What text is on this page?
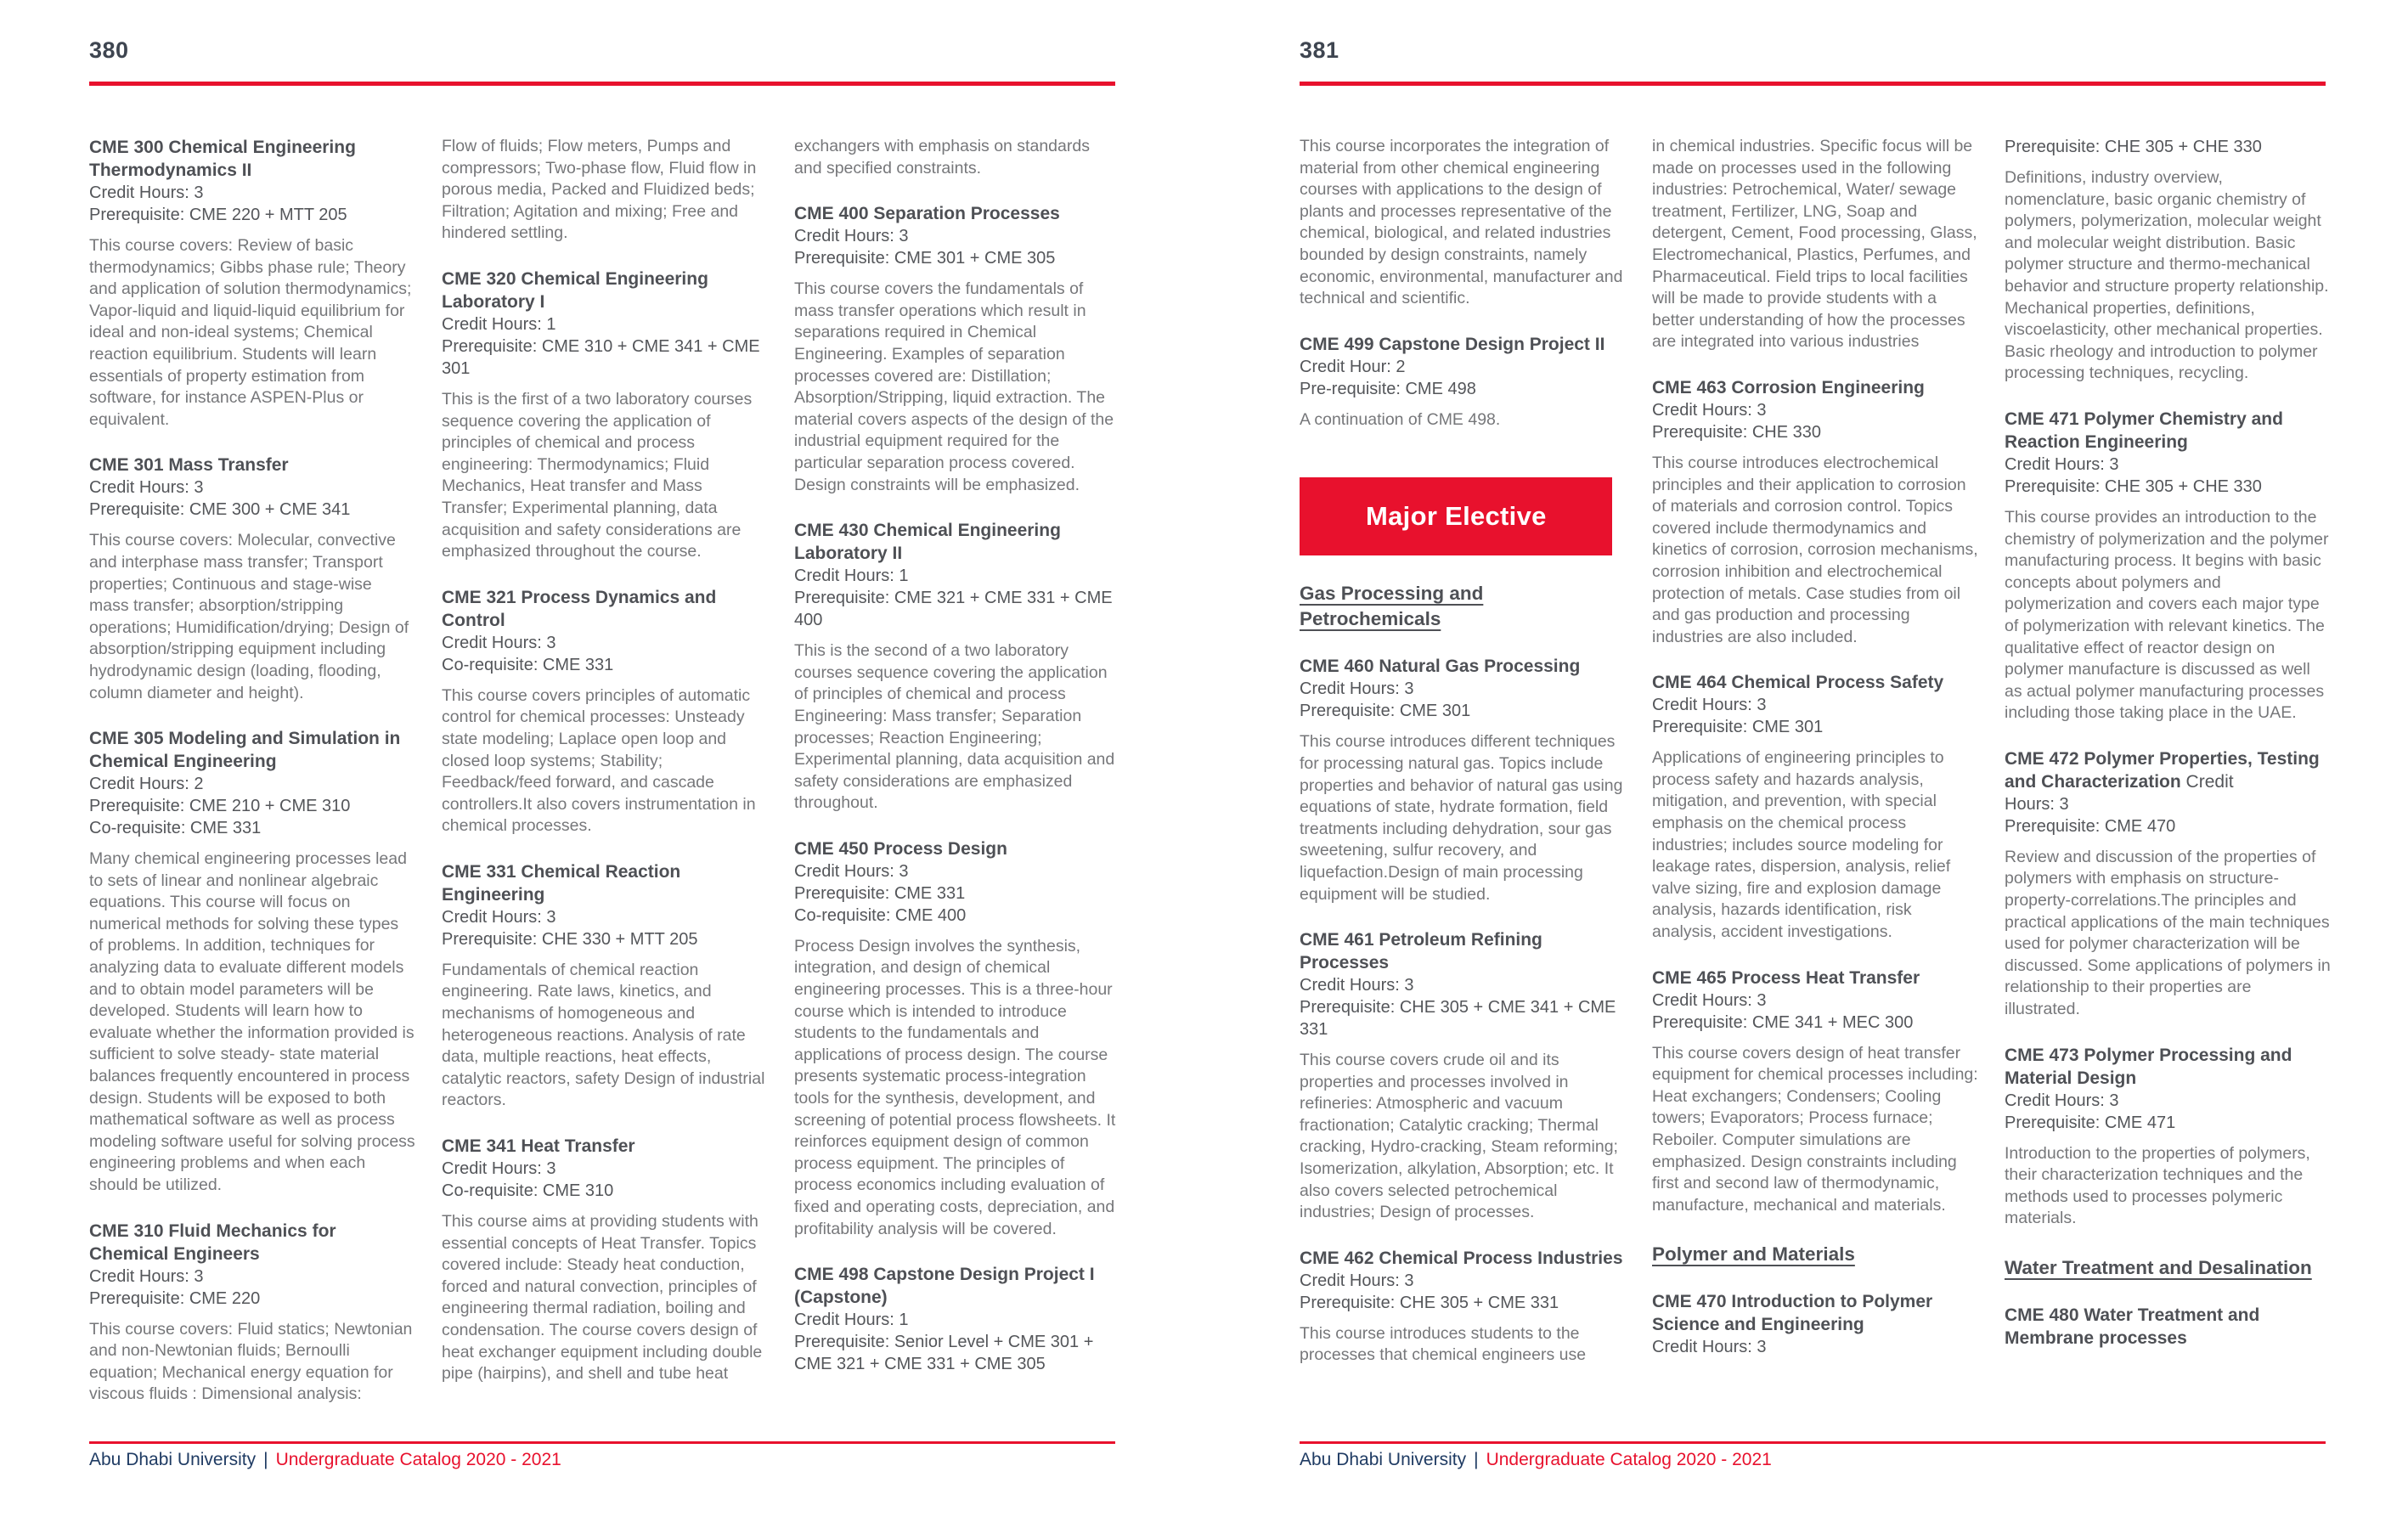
380
CME 300 Chemical Engineering Thermodynamics II

Credit Hours: 3

Prerequisite: CME 220 + MTT 205

This course covers: Review of basic thermodynamics; Gibbs phase rule; Theory and application of solution thermodynamics; Vapor-liquid and liquid-liquid equilibrium for ideal and non-ideal systems; Chemical reaction equilibrium. Students will learn essentials of property estimation from software, for instance ASPEN-Plus or equivalent.

CME 301 Mass Transfer

Credit Hours: 3

Prerequisite: CME 300 + CME 341

This course covers: Molecular, convective and interphase mass transfer; Transport properties; Continuous and stage-wise mass transfer; absorption/stripping operations; Humidification/drying; Design of absorption/stripping equipment including hydrodynamic design (loading, flooding, column diameter and height).

CME 305 Modeling and Simulation in Chemical Engineering

Credit Hours: 2

Prerequisite: CME 210 + CME 310

Co-requisite: CME 331

Many chemical engineering processes lead to sets of linear and nonlinear algebraic equations. This course will focus on numerical methods for solving these types of problems. In addition, techniques for analyzing data to evaluate different models and to obtain model parameters will be developed. Students will learn how to evaluate whether the information provided is sufficient to solve steady- state material balances frequently encountered in process design. Students will be exposed to both mathematical software as well as process modeling software useful for solving process engineering problems and when each should be utilized.

CME 310 Fluid Mechanics for Chemical Engineers

Credit Hours: 3

Prerequisite: CME 220

This course covers: Fluid statics; Newtonian and non-Newtonian fluids; Bernoulli equation; Mechanical energy equation for viscous fluids : Dimensional analysis:

Flow of fluids; Flow meters, Pumps and compressors; Two-phase flow, Fluid flow in porous media, Packed and Fluidized beds; Filtration; Agitation and mixing; Free and hindered settling.

CME 320 Chemical Engineering Laboratory I

Credit Hours: 1

Prerequisite: CME 310 + CME 341 + CME 301

This is the first of a two laboratory courses sequence covering the application of principles of chemical and process engineering: Thermodynamics; Fluid Mechanics, Heat transfer and Mass Transfer; Experimental planning, data acquisition and safety considerations are emphasized throughout the course.

CME 321 Process Dynamics and Control

Credit Hours: 3

Co-requisite: CME 331

This course covers principles of automatic control for chemical processes: Unsteady state modeling; Laplace open loop and closed loop systems; Stability; Feedback/feed forward, and cascade controllers.It also covers instrumentation in chemical processes.

CME 331 Chemical Reaction Engineering

Credit Hours: 3

Prerequisite: CHE 330 + MTT 205

Fundamentals of chemical reaction engineering. Rate laws, kinetics, and mechanisms of homogeneous and heterogeneous reactions. Analysis of rate data, multiple reactions, heat effects, catalytic reactors, safety Design of industrial reactors.

CME 341 Heat Transfer

Credit Hours: 3

Co-requisite: CME 310

This course aims at providing students with essential concepts of Heat Transfer. Topics covered include: Steady heat conduction, forced and natural convection, principles of engineering thermal radiation, boiling and condensation. The course covers design of heat exchanger equipment including double pipe (hairpins), and shell and tube heat

exchangers with emphasis on standards and specified constraints.

CME 400 Separation Processes

Credit Hours: 3

Prerequisite: CME 301 + CME 305

This course covers the fundamentals of mass transfer operations which result in separations required in Chemical Engineering. Examples of separation processes covered are: Distillation; Absorption/Stripping, liquid extraction. The material covers aspects of the design of the industrial equipment required for the particular separation process covered. Design constraints will be emphasized.

CME 430 Chemical Engineering Laboratory II

Credit Hours: 1

Prerequisite: CME 321 + CME 331 + CME 400

This is the second of a two laboratory courses sequence covering the application of principles of chemical and process Engineering: Mass transfer; Separation processes; Reaction Engineering; Experimental planning, data acquisition and safety considerations are emphasized throughout.

CME 450 Process Design

Credit Hours: 3

Prerequisite: CME 331

Co-requisite: CME 400

Process Design involves the synthesis, integration, and design of chemical engineering processes. This is a three-hour course which is intended to introduce students to the fundamentals and applications of process design. The course presents systematic process-integration tools for the synthesis, development, and screening of potential process flowsheets. It reinforces equipment design of common process equipment. The principles of process economics including evaluation of fixed and operating costs, depreciation, and profitability analysis will be covered.

CME 498 Capstone Design Project I (Capstone)

Credit Hours: 1

Prerequisite: Senior Level + CME 301 + CME 321 + CME 331 + CME 305

Abu Dhabi University | Undergraduate Catalog 2020 - 2021
381

This course incorporates the integration of material from other chemical engineering courses with applications to the design of plants and processes representative of the chemical, biological, and related industries bounded by design constraints, namely economic, environmental, manufacturer and technical and scientific.

CME 499 Capstone Design Project II

Credit Hour: 2

Pre-requisite: CME 498

A continuation of CME 498.

Major Elective
Gas Processing and Petrochemicals
CME 460 Natural Gas Processing

Credit Hours: 3

Prerequisite: CME 301

This course introduces different techniques for processing natural gas. Topics include properties and behavior of natural gas using equations of state, hydrate formation, field treatments including dehydration, sour gas sweetening, sulfur recovery, and liquefaction.Design of main processing equipment will be studied.

CME 461 Petroleum Refining Processes

Credit Hours: 3

Prerequisite: CHE 305 + CME 341 + CME 331

This course covers crude oil and its properties and processes involved in refineries: Atmospheric and vacuum fractionation; Catalytic cracking; Thermal cracking, Hydro-cracking, Steam reforming; Isomerization, alkylation, Absorption; etc. It also covers selected petrochemical industries; Design of processes.

CME 462 Chemical Process Industries

Credit Hours: 3

Prerequisite: CHE 305 + CME 331

This course introduces students to the processes that chemical engineers use

in chemical industries. Specific focus will be made on processes used in the following industries: Petrochemical, Water/ sewage treatment, Fertilizer, LNG, Soap and detergent, Cement, Food processing, Glass, Electromechanical, Plastics, Perfumes, and Pharmaceutical. Field trips to local facilities will be made to provide students with a better understanding of how the processes are integrated into various industries

CME 463 Corrosion Engineering

Credit Hours: 3

Prerequisite: CHE 330

This course introduces electrochemical principles and their application to corrosion of materials and corrosion control. Topics covered include thermodynamics and kinetics of corrosion, corrosion mechanisms, corrosion inhibition and electrochemical protection of metals. Case studies from oil and gas production and processing industries are also included.

CME 464 Chemical Process Safety

Credit Hours: 3

Prerequisite: CME 301

Applications of engineering principles to process safety and hazards analysis, mitigation, and prevention, with special emphasis on the chemical process industries; includes source modeling for leakage rates, dispersion, analysis, relief valve sizing, fire and explosion damage analysis, hazards identification, risk analysis, accident investigations.

CME 465 Process Heat Transfer

Credit Hours: 3

Prerequisite: CME 341 + MEC 300

This course covers design of heat transfer equipment for chemical processes including: Heat exchangers; Condensers; Cooling towers; Evaporators; Process furnace; Reboiler. Computer simulations are emphasized. Design constraints including first and second law of thermodynamic, manufacture, mechanical and materials.

Polymer and Materials
CME 470 Introduction to Polymer Science and Engineering

Credit Hours: 3

Prerequisite: CHE 305 + CHE 330

Definitions, industry overview, nomenclature, basic organic chemistry of polymers, polymerization, molecular weight and molecular weight distribution. Basic polymer structure and thermo-mechanical behavior and structure property relationship. Mechanical properties, definitions, viscoelasticity, other mechanical properties. Basic rheology and introduction to polymer processing techniques, recycling.

CME 471 Polymer Chemistry and Reaction Engineering

Credit Hours: 3

Prerequisite: CHE 305 + CHE 330

This course provides an introduction to the chemistry of polymerization and the polymer manufacturing process. It begins with basic concepts about polymers and polymerization and covers each major type of polymerization with relevant kinetics. The qualitative effect of reactor design on polymer manufacture is discussed as well as actual polymer manufacturing processes including those taking place in the UAE.

CME 472 Polymer Properties, Testing and Characterization Credit

Hours: 3

Prerequisite: CME 470

Review and discussion of the properties of polymers with emphasis on structure-property-correlations.The principles and practical applications of the main techniques used for polymer characterization will be discussed. Some applications of polymers in relationship to their properties are illustrated.

CME 473 Polymer Processing and Material Design

Credit Hours: 3

Prerequisite: CME 471

Introduction to the properties of polymers, their characterization techniques and the methods used to processes polymeric materials.

Water Treatment and Desalination
CME 480 Water Treatment and Membrane processes
Abu Dhabi University | Undergraduate Catalog 2020 - 2021
